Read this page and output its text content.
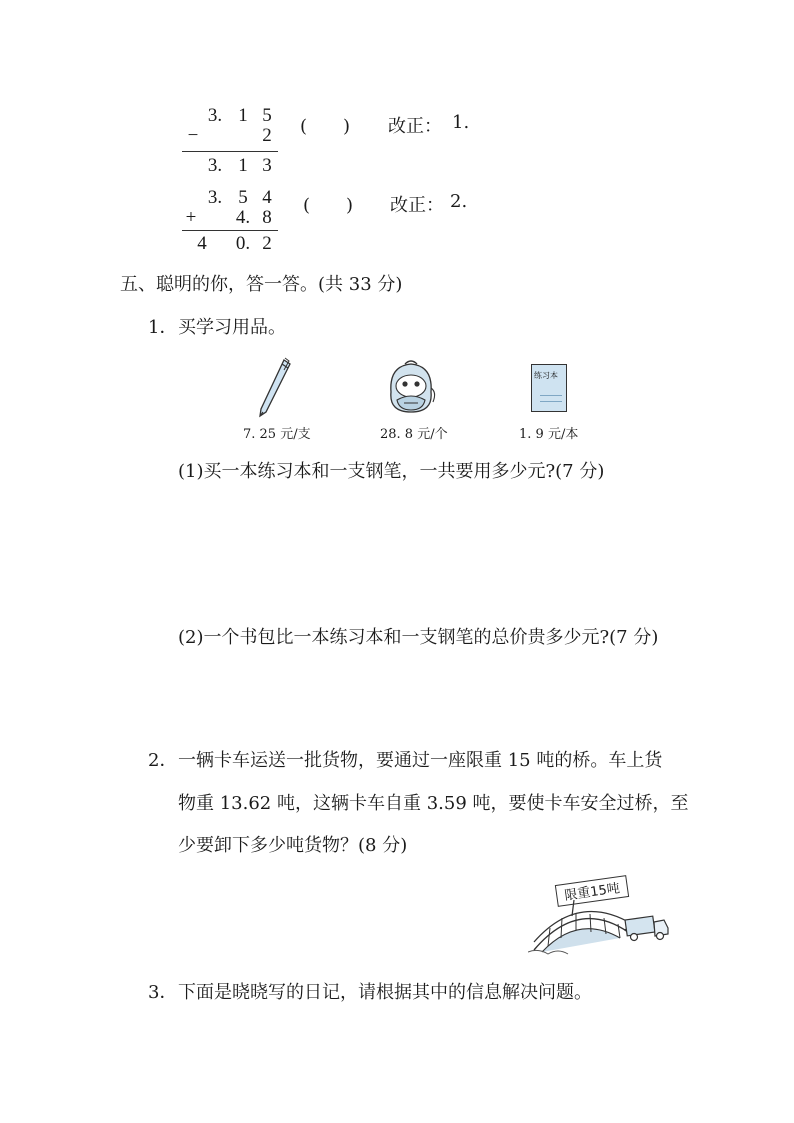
3. 1 5
−	2
3. 1 3
(　　) 改正： 1.
3. 5 4
+ 4. 8
4 0. 2
(　　) 改正： 2.
五、聪明的你，答一答。(共 33 分)
1． 买学习用品。
7. 25 元/支	28. 8 元/个
练习本
1. 9 元/本
(1)买一本练习本和一支钢笔，一共要用多少元?(7 分)
(2)一个书包比一本练习本和一支钢笔的总价贵多少元?(7 分)
2． 一辆卡车运送一批货物，要通过一座限重 15 吨的桥。车上货
物重 13.62 吨，这辆卡车自重 3.59 吨，要使卡车安全过桥，至
少要卸下多少吨货物？(8 分)
限重15吨
3． 下面是晓晓写的日记，请根据其中的信息解决问题。
